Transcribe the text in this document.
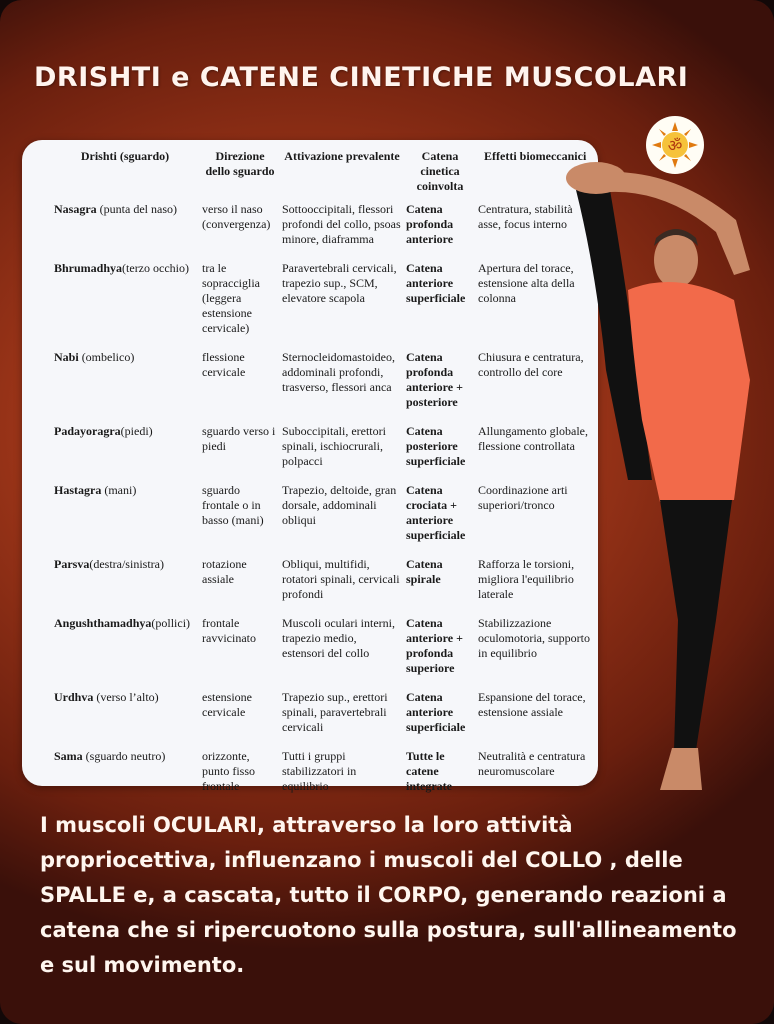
DRISHTI e CATENE CINETICHE MUSCOLARI
Drishti (sguardo)	Direzione dello sguardo	Attivazione prevalente	Catena cinetica coinvolta	Effetti biomeccanici
Nasagra (punta del naso)	verso il naso (convergenza)	Sottooccipitali, flessori profondi del collo, psoas minore, diaframma	Catena profonda anteriore	Centratura, stabilità asse, focus interno
Bhrumadhya(terzo occhio)	tra le sopracciglia (leggera estensione cervicale)	Paravertebrali cervicali, trapezio sup., SCM, elevatore scapola	Catena anteriore superficiale	Apertura del torace, estensione alta della colonna
Nabi (ombelico)	flessione cervicale	Sternocleidomastoideo, addominali profondi, trasverso, flessori anca	Catena profonda anteriore + posteriore	Chiusura e centratura, controllo del core
Padayoragra(piedi)	sguardo verso i piedi	Suboccipitali, erettori spinali, ischiocrurali, polpacci	Catena posteriore superficiale	Allungamento globale, flessione controllata
Hastagra (mani)	sguardo frontale o in basso (mani)	Trapezio, deltoide, gran dorsale, addominali obliqui	Catena crociata + anteriore superficiale	Coordinazione arti superiori/tronco
Parsva(destra/sinistra)	rotazione assiale	Obliqui, multifidi, rotatori spinali, cervicali profondi	Catena spirale	Rafforza le torsioni, migliora l'equilibrio laterale
Angushthamadhya(pollici)	frontale ravvicinato	Muscoli oculari interni, trapezio medio, estensori del collo	Catena anteriore + profonda superiore	Stabilizzazione oculomotoria, supporto in equilibrio
Urdhva (verso l’alto)	estensione cervicale	Trapezio sup., erettori spinali, paravertebrali cervicali	Catena anteriore superficiale	Espansione del torace, estensione assiale
Sama (sguardo neutro)	orizzonte, punto fisso frontale	Tutti i gruppi stabilizzatori in equilibrio	Tutte le catene integrate	Neutralità e centratura neuromuscolare
ॐ

I muscoli OCULARI, attraverso la loro attività propriocettiva, influenzano i muscoli del COLLO , delle SPALLE e, a cascata, tutto il CORPO, generando reazioni a catena che si ripercuotono sulla postura, sull'allineamento e sul movimento.
